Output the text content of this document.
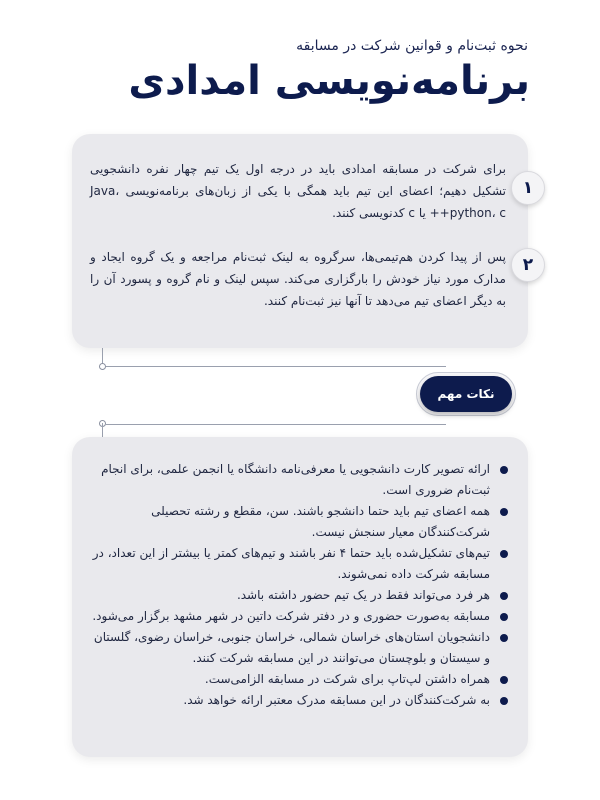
نحوه ثبت‌نام و قوانین شرکت در مسابقه
برنامه‌نویسی امدادی

برای شرکت در مسابقه امدادی باید در درجه اول یک تیم چهار نفره دانشجویی تشکیل دهیم؛ اعضای این تیم باید همگی با یکی از زبان‌های برنامه‌نویسی Java، python، c++ یا c کدنویسی کنند.

پس از پیدا کردن هم‌تیمی‌ها، سرگروه به لینک ثبت‌نام مراجعه و یک گروه ایجاد و مدارک مورد نیاز خودش را بارگزاری می‌کند. سپس لینک و نام گروه و پسورد آن را به دیگر اعضای تیم می‌دهد تا آنها نیز ثبت‌نام کنند.

۱
۲
نکات مهم
ارائه تصویر کارت دانشجویی یا معرفی‌نامه دانشگاه یا انجمن علمی، برای انجام ثبت‌نام ضروری است.
همه اعضای تیم باید حتما دانشجو باشند. سن، مقطع و رشته تحصیلی شرکت‌کنندگان معیار سنجش نیست.
تیم‌های تشکیل‌شده باید حتما ۴ نفر باشند و تیم‌های کمتر یا بیشتر از این تعداد، در مسابقه شرکت داده نمی‌شوند.
هر فرد می‌تواند فقط در یک تیم حضور داشته باشد.
مسابقه به‌صورت حضوری و در دفتر شرکت داتین در شهر مشهد برگزار می‌شود.
دانشجویان استان‌های خراسان شمالی، خراسان جنوبی، خراسان رضوی، گلستان و سیستان و بلوچستان می‌توانند در این مسابقه شرکت کنند.
همراه داشتن لپ‌تاپ برای شرکت در مسابقه الزامی‌ست.
به شرکت‌کنندگان در این مسابقه مدرک معتبر ارائه خواهد شد.
